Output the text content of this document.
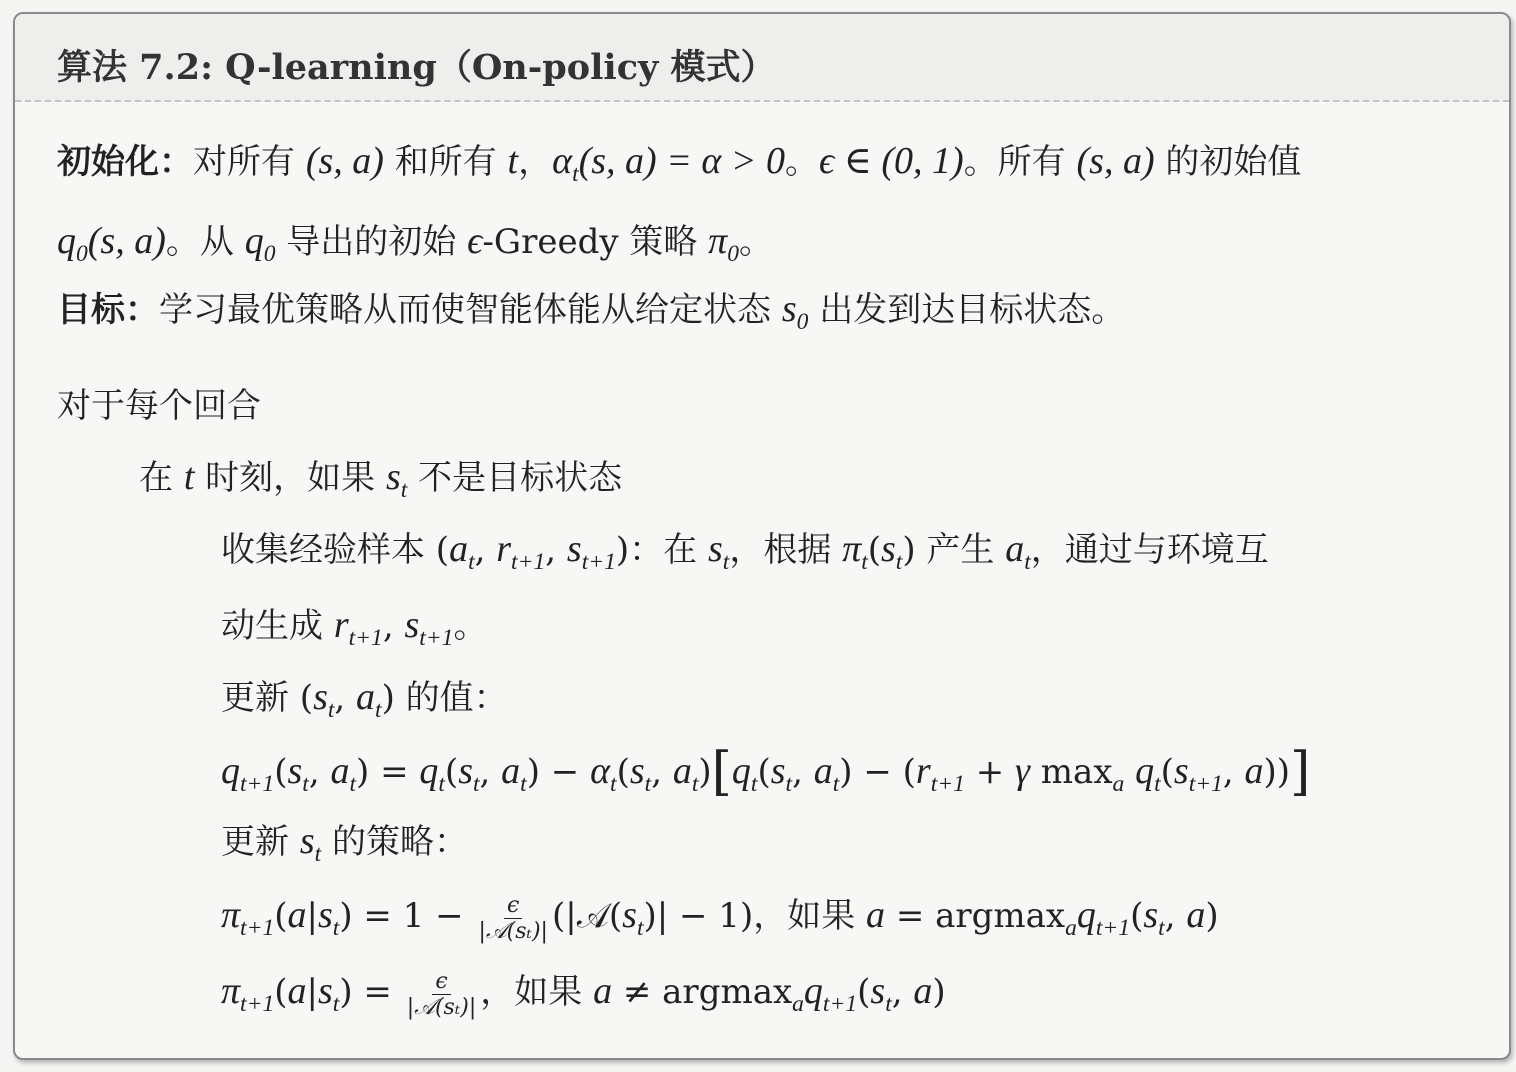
算法 7.2: Q-learning（On-policy 模式）
初始化：对所有 (s, a) 和所有 t，$\alpha_t(s$, a) = α > 0。ϵ ∈ (0, 1)。所有 (s, a) 的初始值
$q_0(s$, a)。从 $q_0$ 导出的初始 ϵ-Greedy 策略 $\pi_0$。
目标：学习最优策略从而使智能体能从给定状态 $s_0$ 出发到达目标状态。
对于每个回合
在 t 时刻，如果 $s_t$ 不是目标状态
收集经验样本 ($a_t$, $r_{t+1}$, $s_{t+1}$)：在 $s_t$，根据 $\pi_t(s_t)$ 产生 $a_t$，通过与环境互
动生成 $r_{t+1}$, $s_{t+1}$。
更新 ($s_t$, $a_t$) 的值：
$q_{t+1}(s_t$, $a_t) = q_t(s_t$, $a_t) - \alpha_t(s_t$, $a_t)[q_t(s_t$, $a_t) - (r_{t+1} + \gamma$ $\max_a q_t(s_{t+1}$, a))]
更新 $s_t$ 的策略：
$\pi_{t+1}(a|s_t) = 1 - \frac{\epsilon}{\text{|𝒜(sₜ)|}}$ $(|𝒜(s_t)| - 1)$，如果 $a = argmax_aq_{t+1}(s_t$, a)
$\pi_{t+1}(a|s_t) = \frac{\epsilon}{\text{|𝒜(sₜ)|}}$ ，如果 $a \ne argmax_aq_{t+1}(s_t$, a)
